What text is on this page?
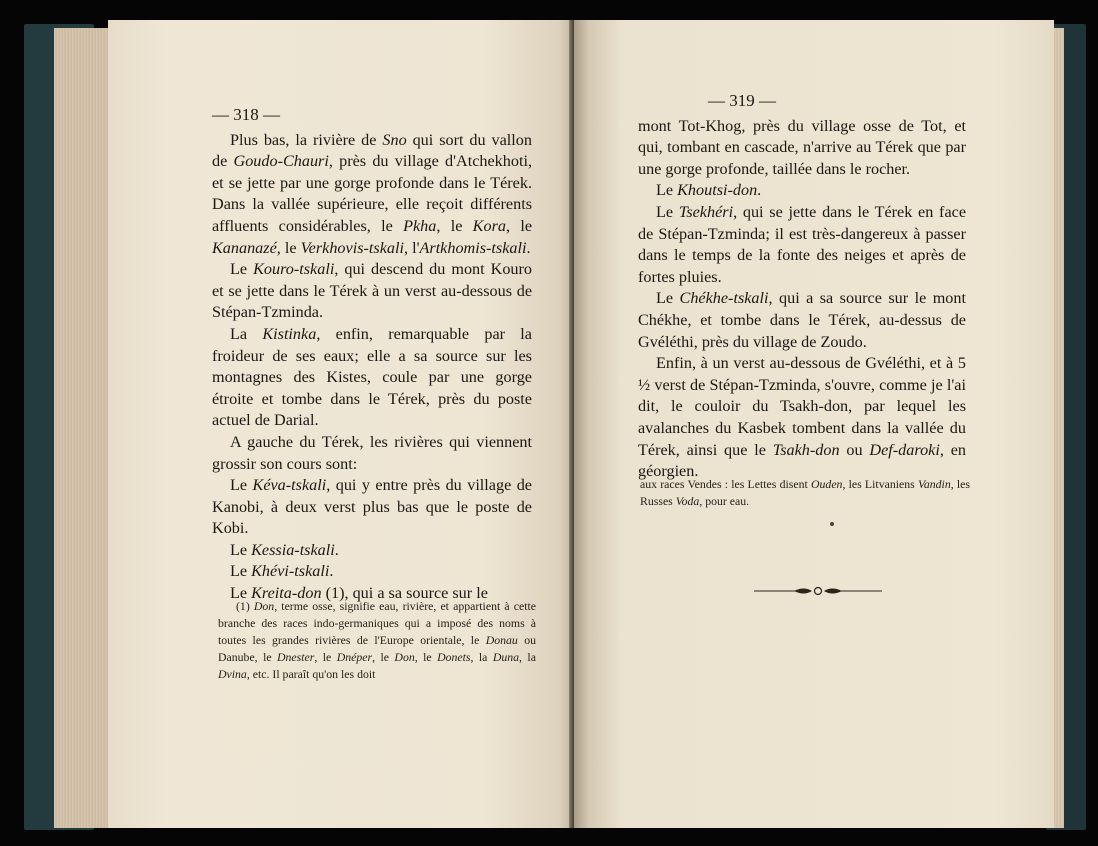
— 318 —

Plus bas, la rivière de Sno qui sort du vallon de Goudo-Chauri, près du village d'Atchekhoti, et se jette par une gorge profonde dans le Térek. Dans la vallée supérieure, elle reçoit différents affluents considérables, le Pkha, le Kora, le Kananazé, le Verkhovis-tskali, l'Artkhomis-tskali.

Le Kouro-tskali, qui descend du mont Kouro et se jette dans le Térek à un verst au-dessous de Stépan-Tzminda.

La Kistinka, enfin, remarquable par la froideur de ses eaux; elle a sa source sur les montagnes des Kistes, coule par une gorge étroite et tombe dans le Térek, près du poste actuel de Darial.

A gauche du Térek, les rivières qui viennent grossir son cours sont:

Le Kéva-tskali, qui y entre près du village de Kanobi, à deux verst plus bas que le poste de Kobi.

Le Kessia-tskali.

Le Khévi-tskali.

Le Kreita-don (1), qui a sa source sur le

(1) Don, terme osse, signifie eau, rivière, et appartient à cette branche des races indo-germaniques qui a imposé des noms à toutes les grandes rivières de l'Europe orientale, le Donau ou Danube, le Dnester, le Dnéper, le Don, le Donets, la Duna, la Dvina, etc. Il paraît qu'on les doit

— 319 —

mont Tot-Khog, près du village osse de Tot, et qui, tombant en cascade, n'arrive au Térek que par une gorge profonde, taillée dans le rocher.

Le Khoutsi-don.

Le Tsekhéri, qui se jette dans le Térek en face de Stépan-Tzminda; il est très-dangereux à passer dans le temps de la fonte des neiges et après de fortes pluies.

Le Chékhe-tskali, qui a sa source sur le mont Chékhe, et tombe dans le Térek, au-dessus de Gvéléthi, près du village de Zoudo.

Enfin, à un verst au-dessous de Gvéléthi, et à 5 ½ verst de Stépan-Tzminda, s'ouvre, comme je l'ai dit, le couloir du Tsakh-don, par lequel les avalanches du Kasbek tombent dans la vallée du Térek, ainsi que le Tsakh-don ou Def-daroki, en géorgien.

aux races Vendes : les Lettes disent Ouden, les Litvaniens Vandin, les Russes Voda, pour eau.
